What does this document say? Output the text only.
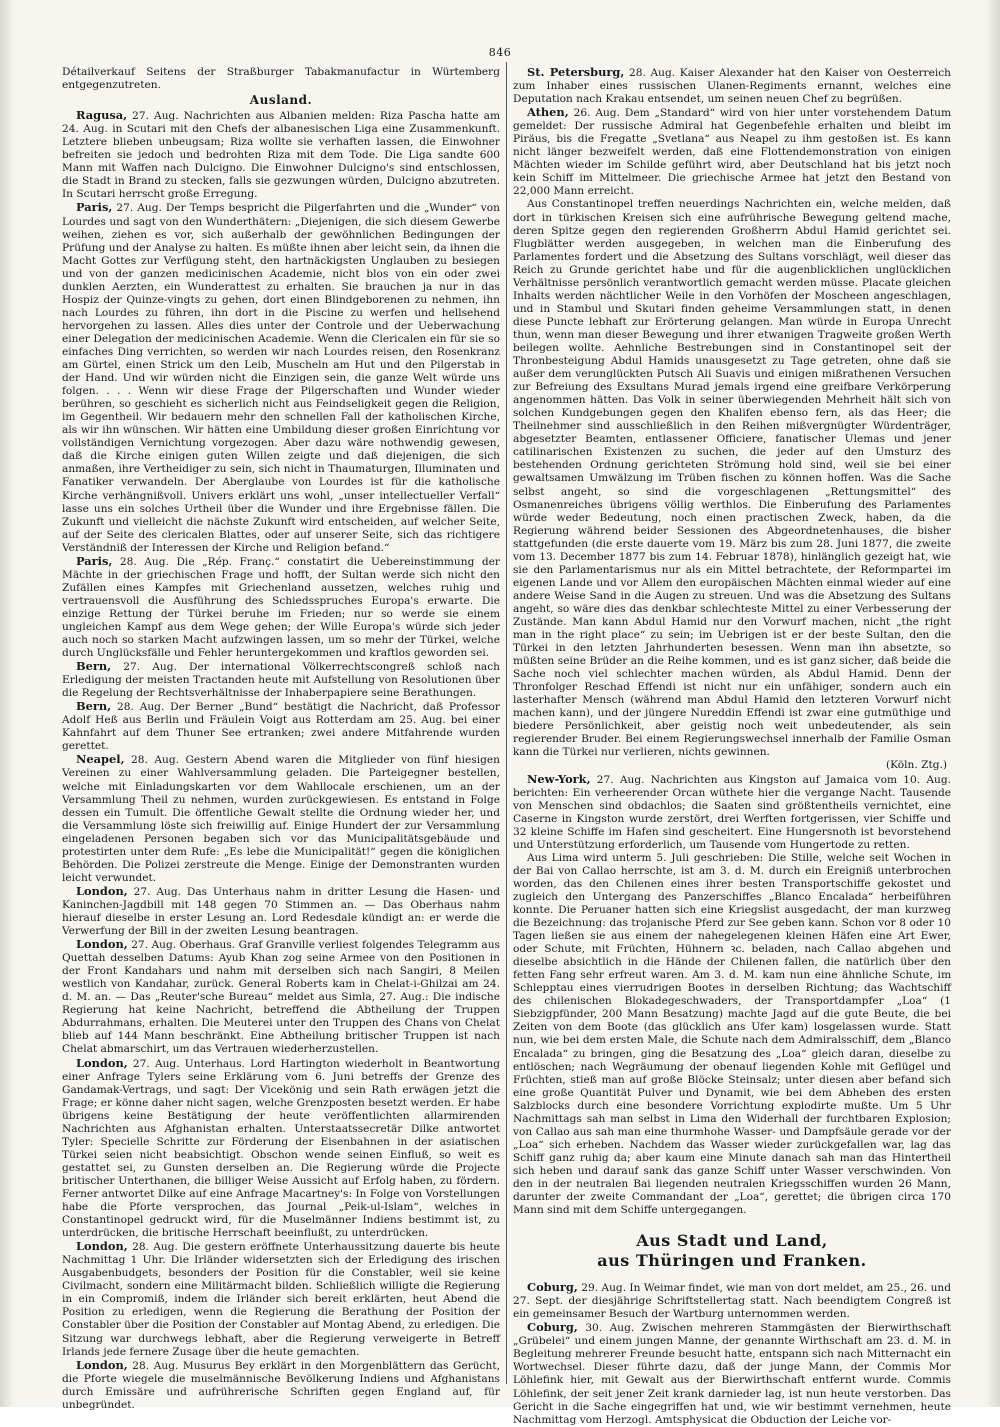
846

Détailverkauf Seitens der Straßburger Tabakmanufactur in Würtemberg entgegenzutreten.

Ausland.

Ragusa, 27. Aug. Nachrichten aus Albanien melden: Riza Pascha hatte am 24. Aug. in Scutari mit den Chefs der albanesischen Liga eine Zusammenkunft. Letztere blieben unbeugsam; Riza wollte sie verhaften lassen, die Einwohner befreiten sie jedoch und bedrohten Riza mit dem Tode. Die Liga sandte 600 Mann mit Waffen nach Dulcigno. Die Einwohner Dulcigno's sind entschlossen, die Stadt in Brand zu stecken, falls sie gezwungen würden, Dulcigno abzutreten. In Scutari herrscht große Erregung.

Paris, 27. Aug. Der Temps bespricht die Pilgerfahrten und die „Wunder“ von Lourdes und sagt von den Wunderthätern: „Diejenigen, die sich diesem Gewerbe weihen, ziehen es vor, sich außerhalb der gewöhnlichen Bedingungen der Prüfung und der Analyse zu halten. Es müßte ihnen aber leicht sein, da ihnen die Macht Gottes zur Verfügung steht, den hartnäckigsten Unglauben zu besiegen und von der ganzen medicinischen Academie, nicht blos von ein oder zwei dunklen Aerzten, ein Wunderattest zu erhalten. Sie brauchen ja nur in das Hospiz der Quinze-vingts zu gehen, dort einen Blindgeborenen zu nehmen, ihn nach Lourdes zu führen, ihn dort in die Piscine zu werfen und hellsehend hervorgehen zu lassen. Alles dies unter der Controle und der Ueberwachung einer Delegation der medicinischen Academie. Wenn die Clericalen ein für sie so einfaches Ding verrichten, so werden wir nach Lourdes reisen, den Rosenkranz am Gürtel, einen Strick um den Leib, Muscheln am Hut und den Pilgerstab in der Hand. Und wir würden nicht die Einzigen sein, die ganze Welt würde uns folgen. . . . Wenn wir diese Frage der Pilgerschaften und Wunder wieder berühren, so geschieht es sicherlich nicht aus Feindseligkeit gegen die Religion, im Gegentheil. Wir bedauern mehr den schnellen Fall der katholischen Kirche, als wir ihn wünschen. Wir hätten eine Umbildung dieser großen Einrichtung vor vollständigen Vernichtung vorgezogen. Aber dazu wäre nothwendig gewesen, daß die Kirche einigen guten Willen zeigte und daß diejenigen, die sich anmaßen, ihre Vertheidiger zu sein, sich nicht in Thaumaturgen, Illuminaten und Fanatiker verwandeln. Der Aberglaube von Lourdes ist für die katholische Kirche verhängnißvoll. Univers erklärt uns wohl, „unser intellectueller Verfall“ lasse uns ein solches Urtheil über die Wunder und ihre Ergebnisse fällen. Die Zukunft und vielleicht die nächste Zukunft wird entscheiden, auf welcher Seite, auf der Seite des clericalen Blattes, oder auf unserer Seite, sich das richtigere Verständniß der Interessen der Kirche und Religion befand.“

Paris, 28. Aug. Die „Rép. Franç.“ constatirt die Uebereinstimmung der Mächte in der griechischen Frage und hofft, der Sultan werde sich nicht den Zufällen eines Kampfes mit Griechenland aussetzen, welches ruhig und vertrauensvoll die Ausführung des Schiedsspruches Europa's erwarte. Die einzige Rettung der Türkei beruhe im Frieden; nur so werde sie einem ungleichen Kampf aus dem Wege gehen; der Wille Europa's würde sich jeder auch noch so starken Macht aufzwingen lassen, um so mehr der Türkei, welche durch Unglücksfälle und Fehler heruntergekommen und kraftlos geworden sei.

Bern, 27. Aug. Der international Völkerrechtscongreß schloß nach Erledigung der meisten Tractanden heute mit Aufstellung von Resolutionen über die Regelung der Rechtsverhältnisse der Inhaberpapiere seine Berathungen.

Bern, 28. Aug. Der Berner „Bund“ bestätigt die Nachricht, daß Professor Adolf Heß aus Berlin und Fräulein Voigt aus Rotterdam am 25. Aug. bei einer Kahnfahrt auf dem Thuner See ertranken; zwei andere Mitfahrende wurden gerettet.

Neapel, 28. Aug. Gestern Abend waren die Mitglieder von fünf hiesigen Vereinen zu einer Wahlversammlung geladen. Die Parteigegner bestellen, welche mit Einladungskarten vor dem Wahllocale erschienen, um an der Versammlung Theil zu nehmen, wurden zurückgewiesen. Es entstand in Folge dessen ein Tumult. Die öffentliche Gewalt stellte die Ordnung wieder her, und die Versammlung löste sich freiwillig auf. Einige Hundert der zur Versammlung eingeladenen Personen begaben sich vor das Municipalitätsgebäude und protestirten unter dem Rufe: „Es lebe die Municipalität!“ gegen die königlichen Behörden. Die Polizei zerstreute die Menge. Einige der Demonstranten wurden leicht verwundet.

London, 27. Aug. Das Unterhaus nahm in dritter Lesung die Hasen- und Kaninchen-Jagdbill mit 148 gegen 70 Stimmen an. — Das Oberhaus nahm hierauf dieselbe in erster Lesung an. Lord Redesdale kündigt an: er werde die Verwerfung der Bill in der zweiten Lesung beantragen.

London, 27. Aug. Oberhaus. Graf Granville verliest folgendes Telegramm aus Quettah desselben Datums: Ayub Khan zog seine Armee von den Positionen in der Front Kandahars und nahm mit derselben sich nach Sangiri, 8 Meilen westlich von Kandahar, zurück. General Roberts kam in Chelat-i-Ghilzai am 24. d. M. an. — Das „Reuter'sche Bureau“ meldet aus Simla, 27. Aug.: Die indische Regierung hat keine Nachricht, betreffend die Abtheilung der Truppen Abdurrahmans, erhalten. Die Meuterei unter den Truppen des Chans von Chelat blieb auf 144 Mann beschränkt. Eine Abtheilung britischer Truppen ist nach Chelat abmarschirt, um das Vertrauen wiederherzustellen.

London, 27. Aug. Unterhaus. Lord Hartington wiederholt in Beantwortung einer Anfrage Tylers seine Erklärung vom 6. Juni betreffs der Grenze des Gandamak-Vertrags, und sagt: Der Vicekönig und sein Rath erwägen jetzt die Frage; er könne daher nicht sagen, welche Grenzposten besetzt werden. Er habe übrigens keine Bestätigung der heute veröffentlichten allarmirenden Nachrichten aus Afghanistan erhalten. Unterstaatssecretär Dilke antwortet Tyler: Specielle Schritte zur Förderung der Eisenbahnen in der asiatischen Türkei seien nicht beabsichtigt. Obschon wende seinen Einfluß, so weit es gestattet sei, zu Gunsten derselben an. Die Regierung würde die Projecte britischer Unterthanen, die billiger Weise Aussicht auf Erfolg haben, zu fördern. Ferner antwortet Dilke auf eine Anfrage Macartney's: In Folge von Vorstellungen habe die Pforte versprochen, das Journal „Peik-ul-Islam“, welches in Constantinopel gedruckt wird, für die Muselmänner Indiens bestimmt ist, zu unterdrücken, die britische Herrschaft beeinflußt, zu unterdrücken.

London, 28. Aug. Die gestern eröffnete Unterhaussitzung dauerte bis heute Nachmittag 1 Uhr. Die Irländer widersetzten sich der Erledigung des irischen Ausgabenbudgets, besonders der Position für die Constabler, weil sie keine Civilmacht, sondern eine Militärmacht bilden. Schließlich willigte die Regierung in ein Compromiß, indem die Irländer sich bereit erklärten, heut Abend die Position zu erledigen, wenn die Regierung die Berathung der Position der Constabler über die Position der Constabler auf Montag Abend, zu erledigen. Die Sitzung war durchwegs lebhaft, aber die Regierung verweigerte in Betreff Irlands jede fernere Zusage über die heute gemachten.

London, 28. Aug. Musurus Bey erklärt in den Morgenblättern das Gerücht, die Pforte wiegele die muselmännische Bevölkerung Indiens und Afghanistans durch Emissäre und aufrührerische Schriften gegen England auf, für unbegründet.

St. Petersburg, 28. Aug. Kaiser Alexander hat den Kaiser von Oesterreich zum Inhaber eines russischen Ulanen-Regiments ernannt, welches eine Deputation nach Krakau entsendet, um seinen neuen Chef zu begrüßen.

Athen, 26. Aug. Dem „Standard“ wird von hier unter vorstehendem Datum gemeldet: Der russische Admiral hat Gegenbefehle erhalten und bleibt im Piräus, bis die Fregatte „Svetlana“ aus Neapel zu ihm gestoßen ist. Es kann nicht länger bezweifelt werden, daß eine Flottendemonstration von einigen Mächten wieder im Schilde geführt wird, aber Deutschland hat bis jetzt noch kein Schiff im Mittelmeer. Die griechische Armee hat jetzt den Bestand von 22,000 Mann erreicht.

Aus Constantinopel treffen neuerdings Nachrichten ein, welche melden, daß dort in türkischen Kreisen sich eine aufrührische Bewegung geltend mache, deren Spitze gegen den regierenden Großherrn Abdul Hamid gerichtet sei. Flugblätter werden ausgegeben, in welchen man die Einberufung des Parlamentes fordert und die Absetzung des Sultans vorschlägt, weil dieser das Reich zu Grunde gerichtet habe und für die augenblicklichen unglücklichen Verhältnisse persönlich verantwortlich gemacht werden müsse. Placate gleichen Inhalts werden nächtlicher Weile in den Vorhöfen der Moscheen angeschlagen, und in Stambul und Skutari finden geheime Versammlungen statt, in denen diese Puncte lebhaft zur Erörterung gelangen. Man würde in Europa Unrecht thun, wenn man dieser Bewegung und ihrer etwanigen Tragweite großen Werth beilegen wollte. Aehnliche Bestrebungen sind in Constantinopel seit der Thronbesteigung Abdul Hamids unausgesetzt zu Tage getreten, ohne daß sie außer dem verunglückten Putsch Ali Suavis und einigen mißrathenen Versuchen zur Befreiung des Exsultans Murad jemals irgend eine greifbare Verkörperung angenommen hätten. Das Volk in seiner überwiegenden Mehrheit hält sich von solchen Kundgebungen gegen den Khalifen ebenso fern, als das Heer; die Theilnehmer sind ausschließlich in den Reihen mißvergnügter Würdenträger, abgesetzter Beamten, entlassener Officiere, fanatischer Ulemas und jener catilinarischen Existenzen zu suchen, die jeder auf den Umsturz des bestehenden Ordnung gerichteten Strömung hold sind, weil sie bei einer gewaltsamen Umwälzung im Trüben fischen zu können hoffen. Was die Sache selbst angeht, so sind die vorgeschlagenen „Rettungsmittel“ des Osmanenreiches übrigens völlig werthlos. Die Einberufung des Parlamentes würde weder Bedeutung, noch einen practischen Zweck, haben, da die Regierung während beider Sessionen des Abgeordnetenhauses, die bisher stattgefunden (die erste dauerte vom 19. März bis zum 28. Juni 1877, die zweite vom 13. December 1877 bis zum 14. Februar 1878), hinlänglich gezeigt hat, wie sie den Parlamentarismus nur als ein Mittel betrachtete, der Reformpartei im eigenen Lande und vor Allem den europäischen Mächten einmal wieder auf eine andere Weise Sand in die Augen zu streuen. Und was die Absetzung des Sultans angeht, so wäre dies das denkbar schlechteste Mittel zu einer Verbesserung der Zustände. Man kann Abdul Hamid nur den Vorwurf machen, nicht „the right man in the right place“ zu sein; im Uebrigen ist er der beste Sultan, den die Türkei in den letzten Jahrhunderten besessen. Wenn man ihn absetzte, so müßten seine Brüder an die Reihe kommen, und es ist ganz sicher, daß beide die Sache noch viel schlechter machen würden, als Abdul Hamid. Denn der Thronfolger Reschad Effendi ist nicht nur ein unfähiger, sondern auch ein lasterhafter Mensch (während man Abdul Hamid den letzteren Vorwurf nicht machen kann), und der jüngere Nureddin Effendi ist zwar eine gutmüthige und biedere Persönlichkeit, aber geistig noch weit unbedeutender, als sein regierender Bruder. Bei einem Regierungswechsel innerhalb der Familie Osman kann die Türkei nur verlieren, nichts gewinnen.

(Köln. Ztg.)

New-York, 27. Aug. Nachrichten aus Kingston auf Jamaica vom 10. Aug. berichten: Ein verheerender Orcan wüthete hier die vergange Nacht. Tausende von Menschen sind obdachlos; die Saaten sind größtentheils vernichtet, eine Caserne in Kingston wurde zerstört, drei Werften fortgerissen, vier Schiffe und 32 kleine Schiffe im Hafen sind gescheitert. Eine Hungersnoth ist bevorstehend und Unterstützung erforderlich, um Tausende vom Hungertode zu retten.

Aus Lima wird unterm 5. Juli geschrieben: Die Stille, welche seit Wochen in der Bai von Callao herrschte, ist am 3. d. M. durch ein Ereigniß unterbrochen worden, das den Chilenen eines ihrer besten Transportschiffe gekostet und zugleich den Untergang des Panzerschiffes „Blanco Encalada“ herbeiführen konnte. Die Peruaner hatten sich eine Kriegslist ausgedacht, der man kurzweg die Bezeichnung: das trojanische Pferd zur See geben kann. Schon vor 8 oder 10 Tagen ließen sie aus einem der nahegelegenen kleinen Häfen eine Art Ewer, oder Schute, mit Früchten, Hühnern ꝛc. beladen, nach Callao abgehen und dieselbe absichtlich in die Hände der Chilenen fallen, die natürlich über den fetten Fang sehr erfreut waren. Am 3. d. M. kam nun eine ähnliche Schute, im Schlepptau eines vierrudrigen Bootes in derselben Richtung; das Wachtschiff des chilenischen Blokadegeschwaders, der Transportdampfer „Loa“ (1 Siebzigpfünder, 200 Mann Besatzung) machte Jagd auf die gute Beute, die bei Zeiten von dem Boote (das glücklich ans Ufer kam) losgelassen wurde. Statt nun, wie bei dem ersten Male, die Schute nach dem Admiralsschiff, dem „Blanco Encalada“ zu bringen, ging die Besatzung des „Loa“ gleich daran, dieselbe zu entlöschen; nach Wegräumung der obenauf liegenden Kohle mit Geflügel und Früchten, stieß man auf große Blöcke Steinsalz; unter diesen aber befand sich eine große Quantität Pulver und Dynamit, wie bei dem Abheben des ersten Salzblocks durch eine besondere Vorrichtung explodirte mußte. Um 5 Uhr Nachmittags sah man selbst in Lima den Widerhall der furchtbaren Explosion; von Callao aus sah man eine thurmhohe Wasser- und Dampfsäule gerade vor der „Loa“ sich erheben. Nachdem das Wasser wieder zurückgefallen war, lag das Schiff ganz ruhig da; aber kaum eine Minute danach sah man das Hintertheil sich heben und darauf sank das ganze Schiff unter Wasser verschwinden. Von den in der neutralen Bai liegenden neutralen Kriegsschiffen wurden 26 Mann, darunter der zweite Commandant der „Loa“, gerettet; die übrigen circa 170 Mann sind mit dem Schiffe untergegangen.

Aus Stadt und Land,
aus Thüringen und Franken.

Coburg, 29. Aug. In Weimar findet, wie man von dort meldet, am 25., 26. und 27. Sept. der diesjährige Schriftstellertag statt. Nach beendigtem Congreß ist ein gemeinsamer Besuch der Wartburg unternommen werden.

Coburg, 30. Aug. Zwischen mehreren Stammgästen der Bierwirthschaft „Grübelei“ und einem jungen Manne, der genannte Wirthschaft am 23. d. M. in Begleitung mehrerer Freunde besucht hatte, entspann sich nach Mitternacht ein Wortwechsel. Dieser führte dazu, daß der junge Mann, der Commis Mor Löhlefink hier, mit Gewalt aus der Bierwirthschaft entfernt wurde. Commis Löhlefink, der seit jener Zeit krank darnieder lag, ist nun heute verstorben. Das Gericht in die Sache eingegriffen hat und, wie wir bestimmt vernehmen, heute Nachmittag vom Herzogl. Amtsphysicat die Obduction der Leiche vor-
